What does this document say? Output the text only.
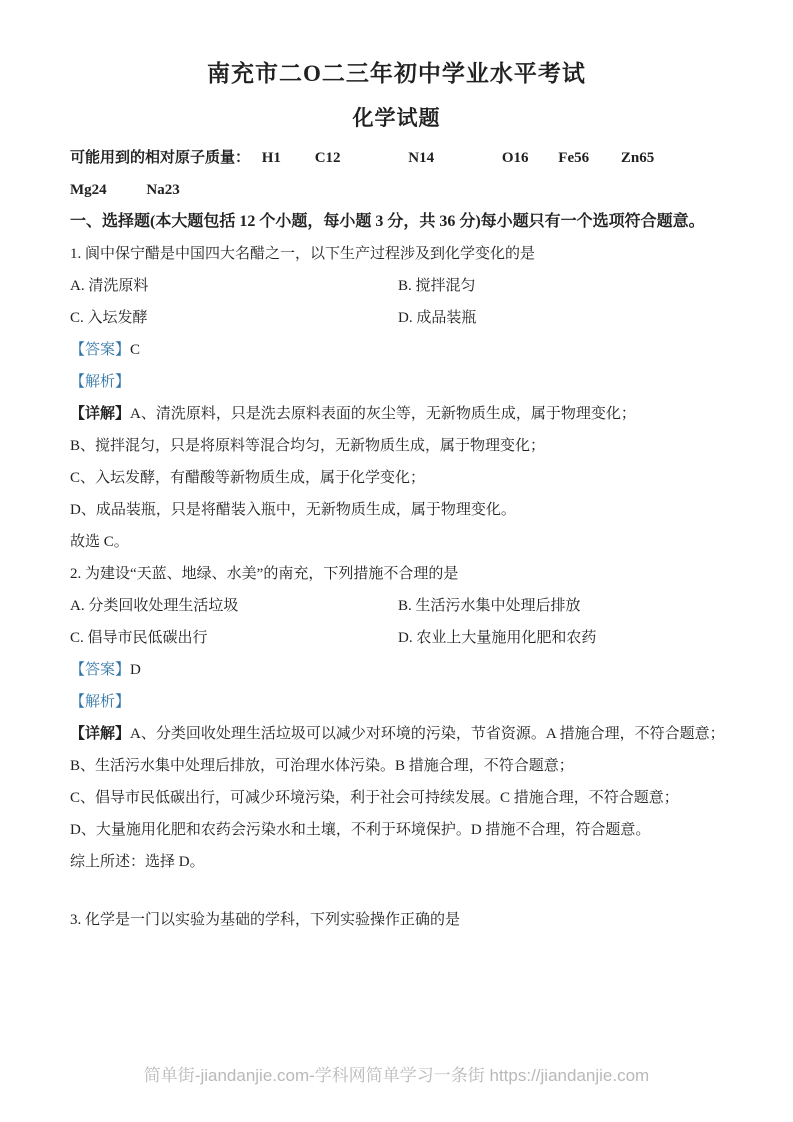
南充市二O二三年初中学业水平考试
化学试题
可能用到的相对原子质量： H1 C12	N14	O16 Fe56 Zn65
Mg24	Na23
一、选择题(本大题包括 12 个小题，每小题 3 分，共 36 分)每小题只有一个选项符合题意。
1. 阆中保宁醋是中国四大名醋之一，以下生产过程涉及到化学变化的是
A. 清洗原料	B. 搅拌混匀
C. 入坛发酵	D. 成品装瓶
【答案】C
【解析】
【详解】A、清洗原料，只是洗去原料表面的灰尘等，无新物质生成，属于物理变化；
B、搅拌混匀，只是将原料等混合均匀，无新物质生成，属于物理变化；
C、入坛发酵，有醋酸等新物质生成，属于化学变化；
D、成品装瓶，只是将醋装入瓶中，无新物质生成，属于物理变化。
故选 C。
2. 为建设“天蓝、地绿、水美”的南充，下列措施不合理的是
A. 分类回收处理生活垃圾	B. 生活污水集中处理后排放
C. 倡导市民低碳出行	D. 农业上大量施用化肥和农药
【答案】D
【解析】
【详解】A、分类回收处理生活垃圾可以减少对环境的污染，节省资源。A 措施合理，不符合题意；
B、生活污水集中处理后排放，可治理水体污染。B 措施合理，不符合题意；
C、倡导市民低碳出行，可减少环境污染，利于社会可持续发展。C 措施合理，不符合题意；
D、大量施用化肥和农药会污染水和土壤，不利于环境保护。D 措施不合理，符合题意。
综上所述：选择 D。
3. 化学是一门以实验为基础的学科，下列实验操作正确的是
简单街-jiandanjie.com-学科网简单学习一条街 https://jiandanjie.com
